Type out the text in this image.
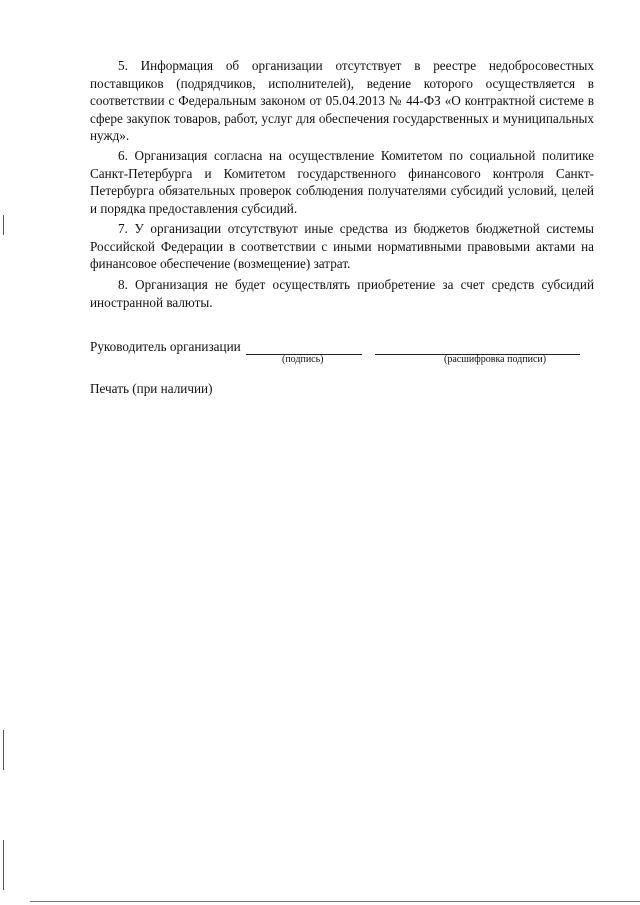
5. Информация об организации отсутствует в реестре недобросовестных поставщиков (подрядчиков, исполнителей), ведение которого осуществляется в соответствии с Федеральным законом от 05.04.2013 № 44-ФЗ «О контрактной системе в сфере закупок товаров, работ, услуг для обеспечения государственных и муниципальных нужд».

6. Организация согласна на осуществление Комитетом по социальной политике Санкт-Петербурга и Комитетом государственного финансового контроля Санкт-Петербурга обязательных проверок соблюдения получателями субсидий условий, целей и порядка предоставления субсидий.

7. У организации отсутствуют иные средства из бюджетов бюджетной системы Российской Федерации в соответствии с иными нормативными правовыми актами на финансовое обеспечение (возмещение) затрат.

8. Организация не будет осуществлять приобретение за счет средств субсидий иностранной валюты.

Руководитель организации
(подпись)	(расшифровка подписи)
Печать (при наличии)
